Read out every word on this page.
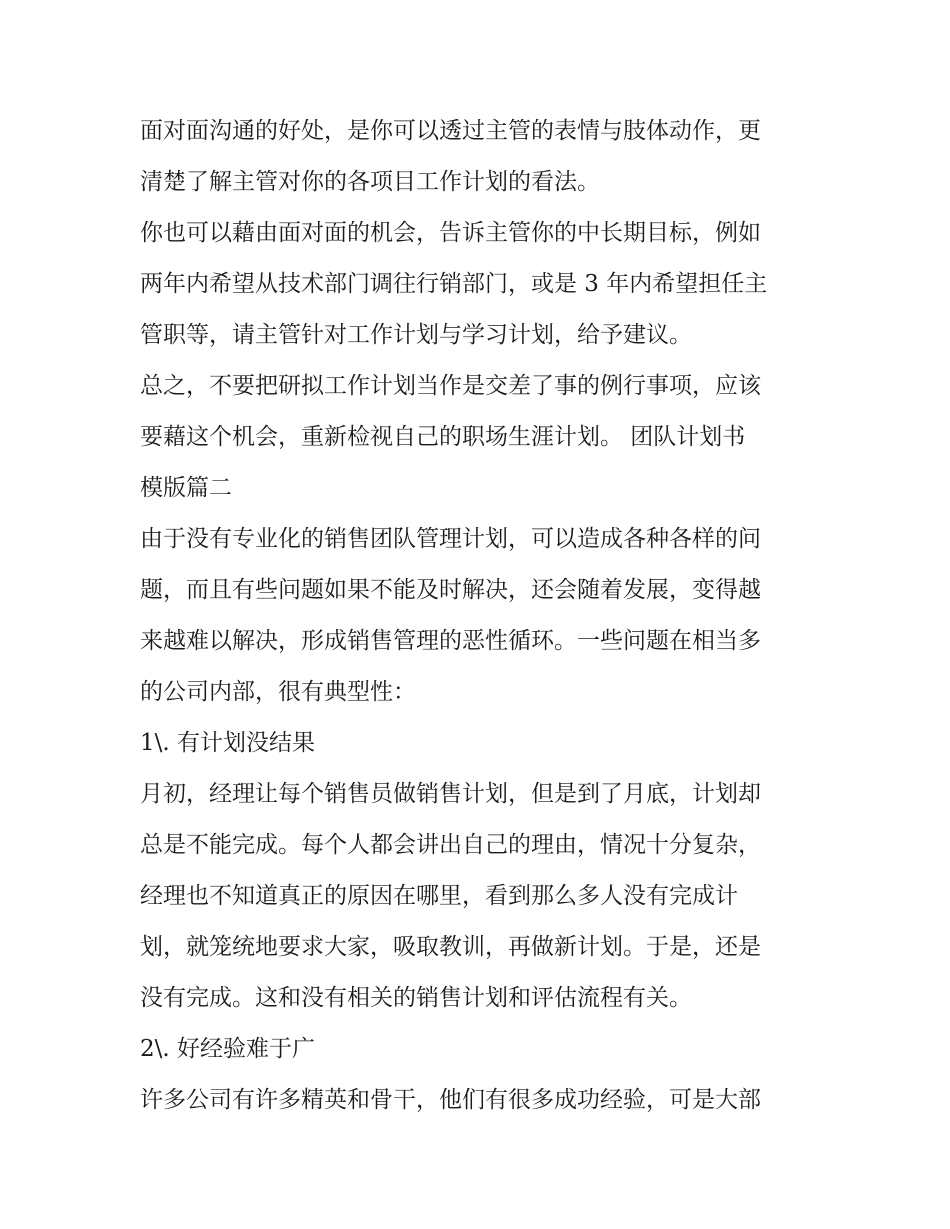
面对面沟通的好处，是你可以透过主管的表情与肢体动作，更
清楚了解主管对你的各项目工作计划的看法。
你也可以藉由面对面的机会，告诉主管你的中长期目标，例如
两年内希望从技术部门调往行销部门，或是 3 年内希望担任主
管职等，请主管针对工作计划与学习计划，给予建议。
总之，不要把研拟工作计划当作是交差了事的例行事项，应该
要藉这个机会，重新检视自己的职场生涯计划。 团队计划书
模版篇二
由于没有专业化的销售团队管理计划，可以造成各种各样的问
题，而且有些问题如果不能及时解决，还会随着发展，变得越
来越难以解决，形成销售管理的恶性循环。一些问题在相当多
的公司内部，很有典型性：
1\. 有计划没结果
月初，经理让每个销售员做销售计划，但是到了月底，计划却
总是不能完成。每个人都会讲出自己的理由，情况十分复杂，
经理也不知道真正的原因在哪里，看到那么多人没有完成计
划，就笼统地要求大家，吸取教训，再做新计划。于是，还是
没有完成。这和没有相关的销售计划和评估流程有关。
2\. 好经验难于广
许多公司有许多精英和骨干，他们有很多成功经验，可是大部
